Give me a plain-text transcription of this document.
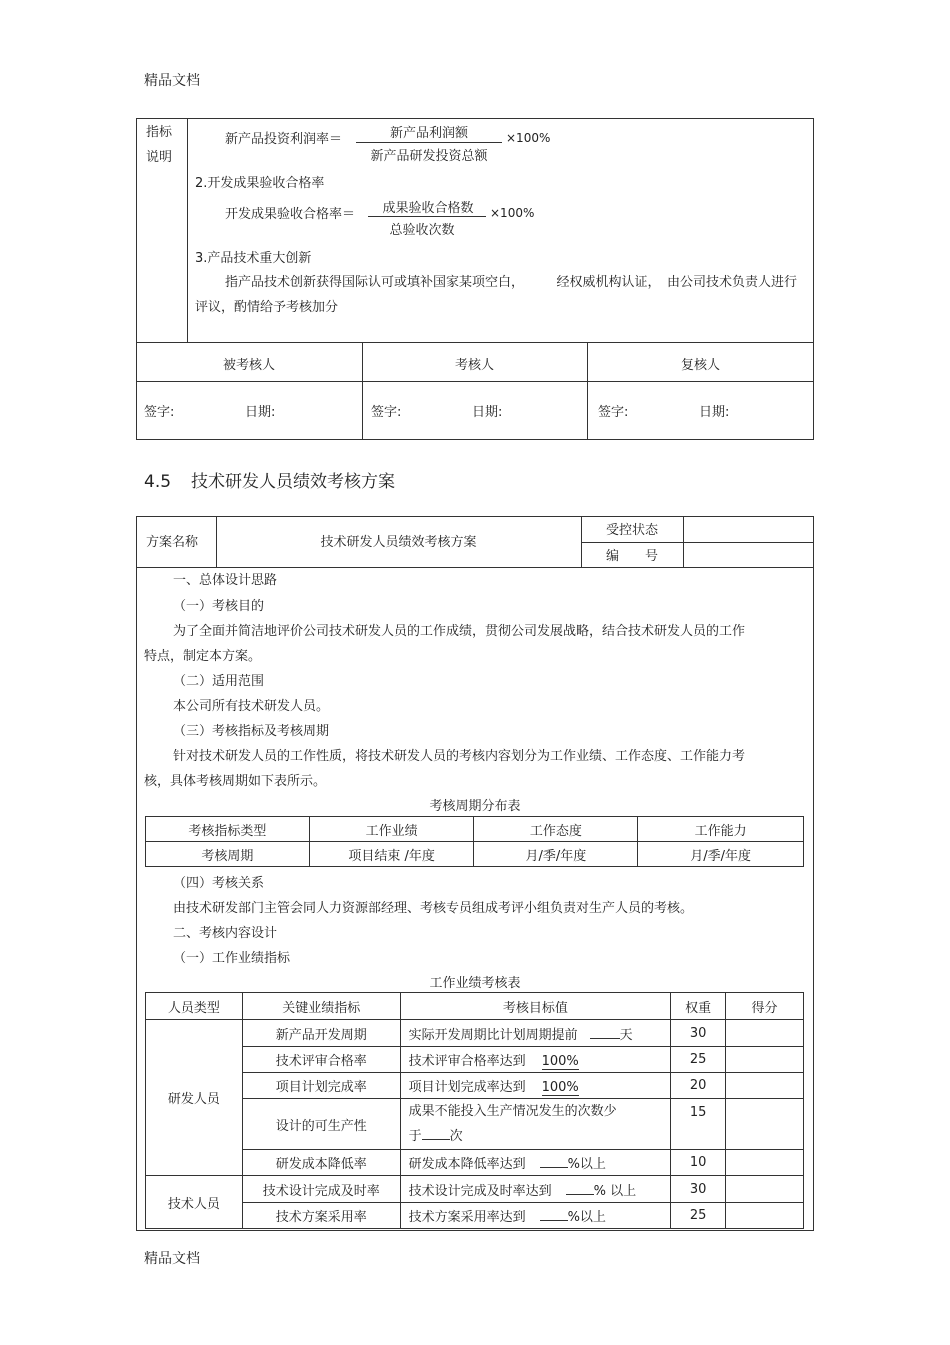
精品文档
精品文档
指标说明
新产品投资利润率＝	新产品利润额
新产品研发投资总额
×100%
2.开发成果验收合格率
开发成果验收合格率＝	成果验收合格数
总验收次数
×100%
3.产品技术重大创新
指产品技术创新获得国际认可或填补国家某项空白，　　　经权威机构认证，　由公司技术负责人进行
评议，酌情给予考核加分
被考核人	考核人	复核人
签字:	日期:	签字:	日期:	签字:	日期:
4.5 技术研发人员绩效考核方案
方案名称	技术研发人员绩效考核方案
受控状态
编　　号
一、总体设计思路
（一）考核目的
为了全面并简洁地评价公司技术研发人员的工作成绩，贯彻公司发展战略，结合技术研发人员的工作
特点，制定本方案。
（二）适用范围
本公司所有技术研发人员。
（三）考核指标及考核周期
针对技术研发人员的工作性质，将技术研发人员的考核内容划分为工作业绩、工作态度、工作能力考
核，具体考核周期如下表所示。
考核周期分布表
考核指标类型	工作业绩	工作态度	工作能力
考核周期	项目结束 /年度	月/季/年度	月/季/年度
（四）考核关系
由技术研发部门主管会同人力资源部经理、考核专员组成考评小组负责对生产人员的考核。
二、考核内容设计
（一）工作业绩指标
工作业绩考核表
人员类型	关键业绩指标	考核目标值	权重	得分
研发人员	新产品开发周期	实际开发周期比计划周期提前 天	30	
	技术评审合格率	技术评审合格率达到 100%	25	
	项目计划完成率	项目计划完成率达到 100%	20	
	设计的可生产性	成果不能投入生产情况发生的次数少
于 次	15	
	研发成本降低率	研发成本降低率达到 %以上	10	
技术人员	技术设计完成及时率	技术设计完成及时率达到 % 以上	30	
	技术方案采用率	技术方案采用率达到 %以上	25	
